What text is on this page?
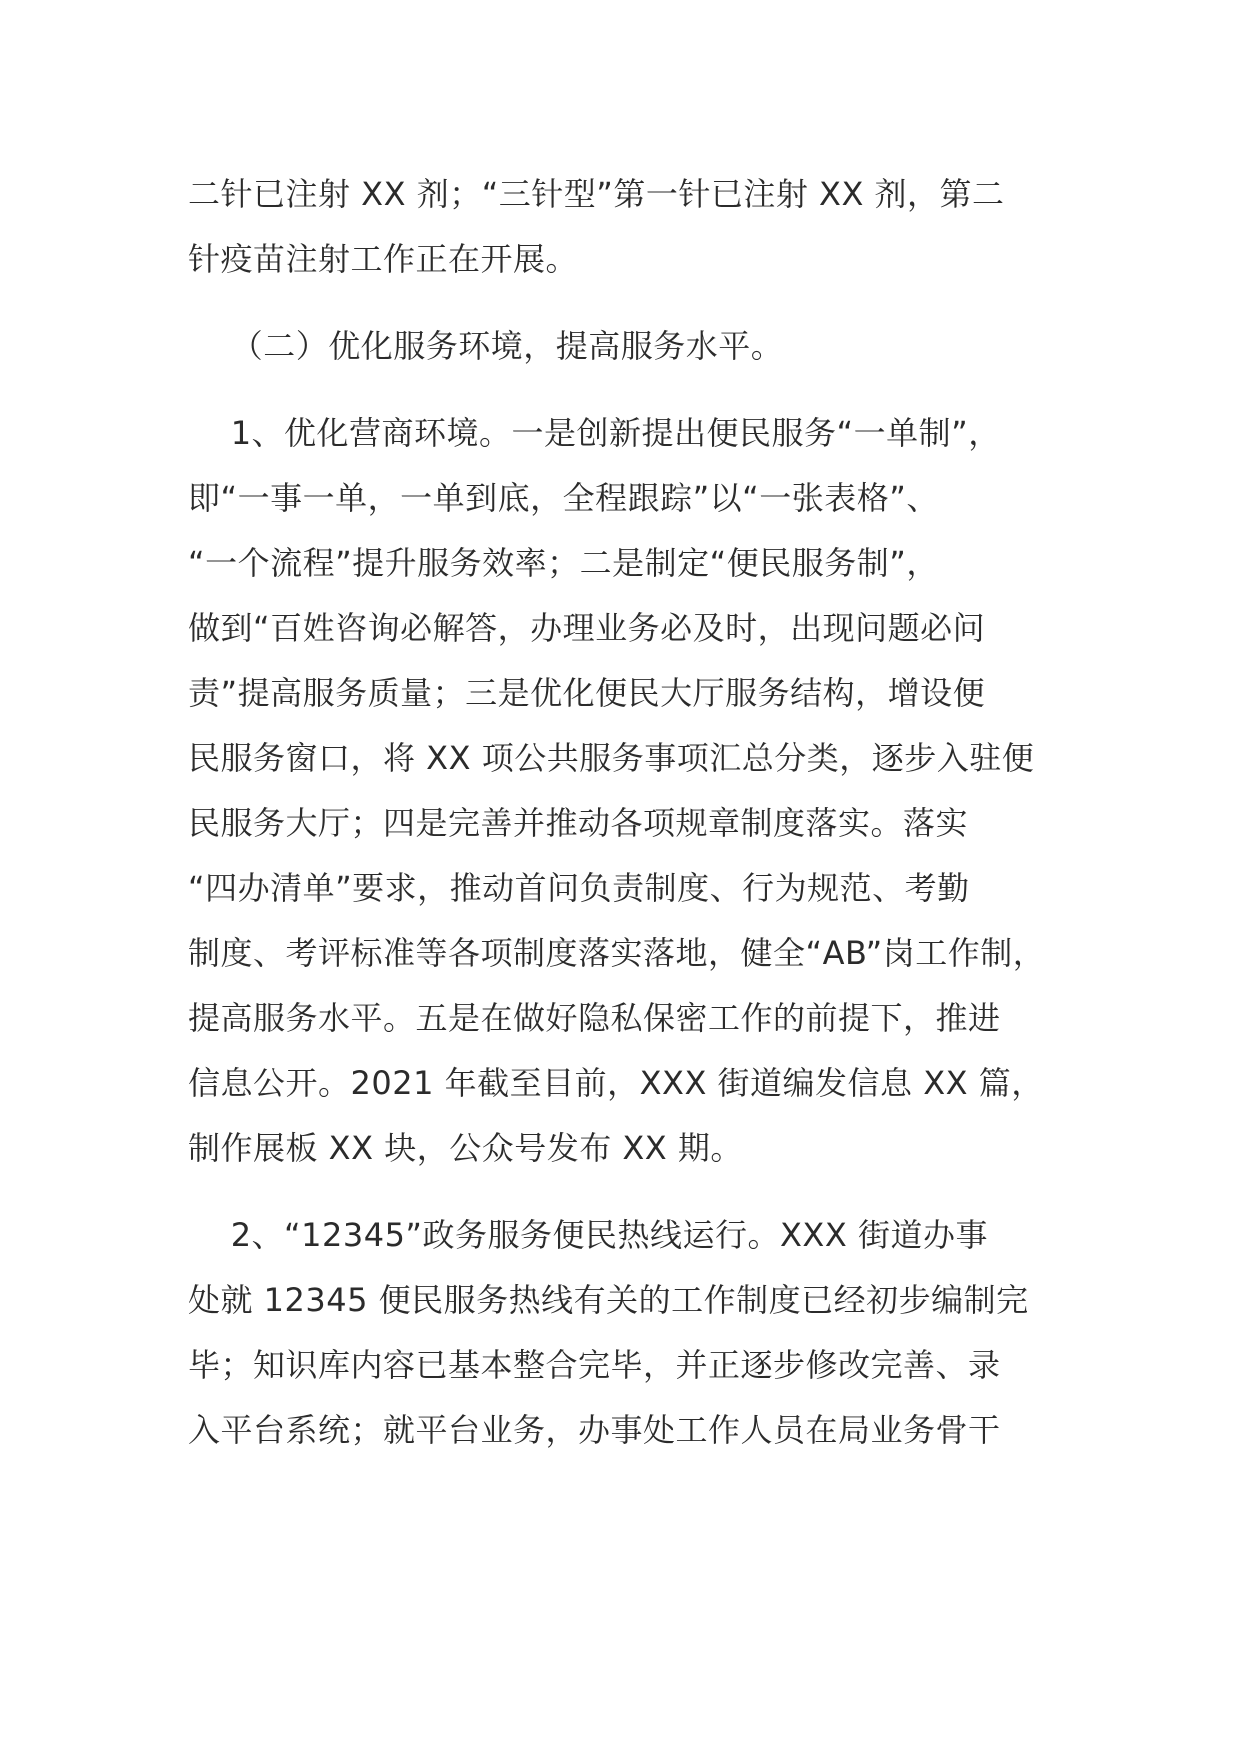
二针已注射 XX 剂；“三针型”第一针已注射 XX 剂，第二
针疫苗注射工作正在开展。
（二）优化服务环境，提高服务水平。
1、优化营商环境。一是创新提出便民服务“一单制”，
即“一事一单，一单到底，全程跟踪”以“一张表格”、
“一个流程”提升服务效率；二是制定“便民服务制”，
做到“百姓咨询必解答，办理业务必及时，出现问题必问
责”提高服务质量；三是优化便民大厅服务结构，增设便
民服务窗口，将 XX 项公共服务事项汇总分类，逐步入驻便
民服务大厅；四是完善并推动各项规章制度落实。落实
“四办清单”要求，推动首问负责制度、行为规范、考勤
制度、考评标准等各项制度落实落地，健全“AB”岗工作制，
提高服务水平。五是在做好隐私保密工作的前提下，推进
信息公开。2021 年截至目前，XXX 街道编发信息 XX 篇，
制作展板 XX 块，公众号发布 XX 期。
2、“12345”政务服务便民热线运行。XXX 街道办事
处就 12345 便民服务热线有关的工作制度已经初步编制完
毕；知识库内容已基本整合完毕，并正逐步修改完善、录
入平台系统；就平台业务，办事处工作人员在局业务骨干
